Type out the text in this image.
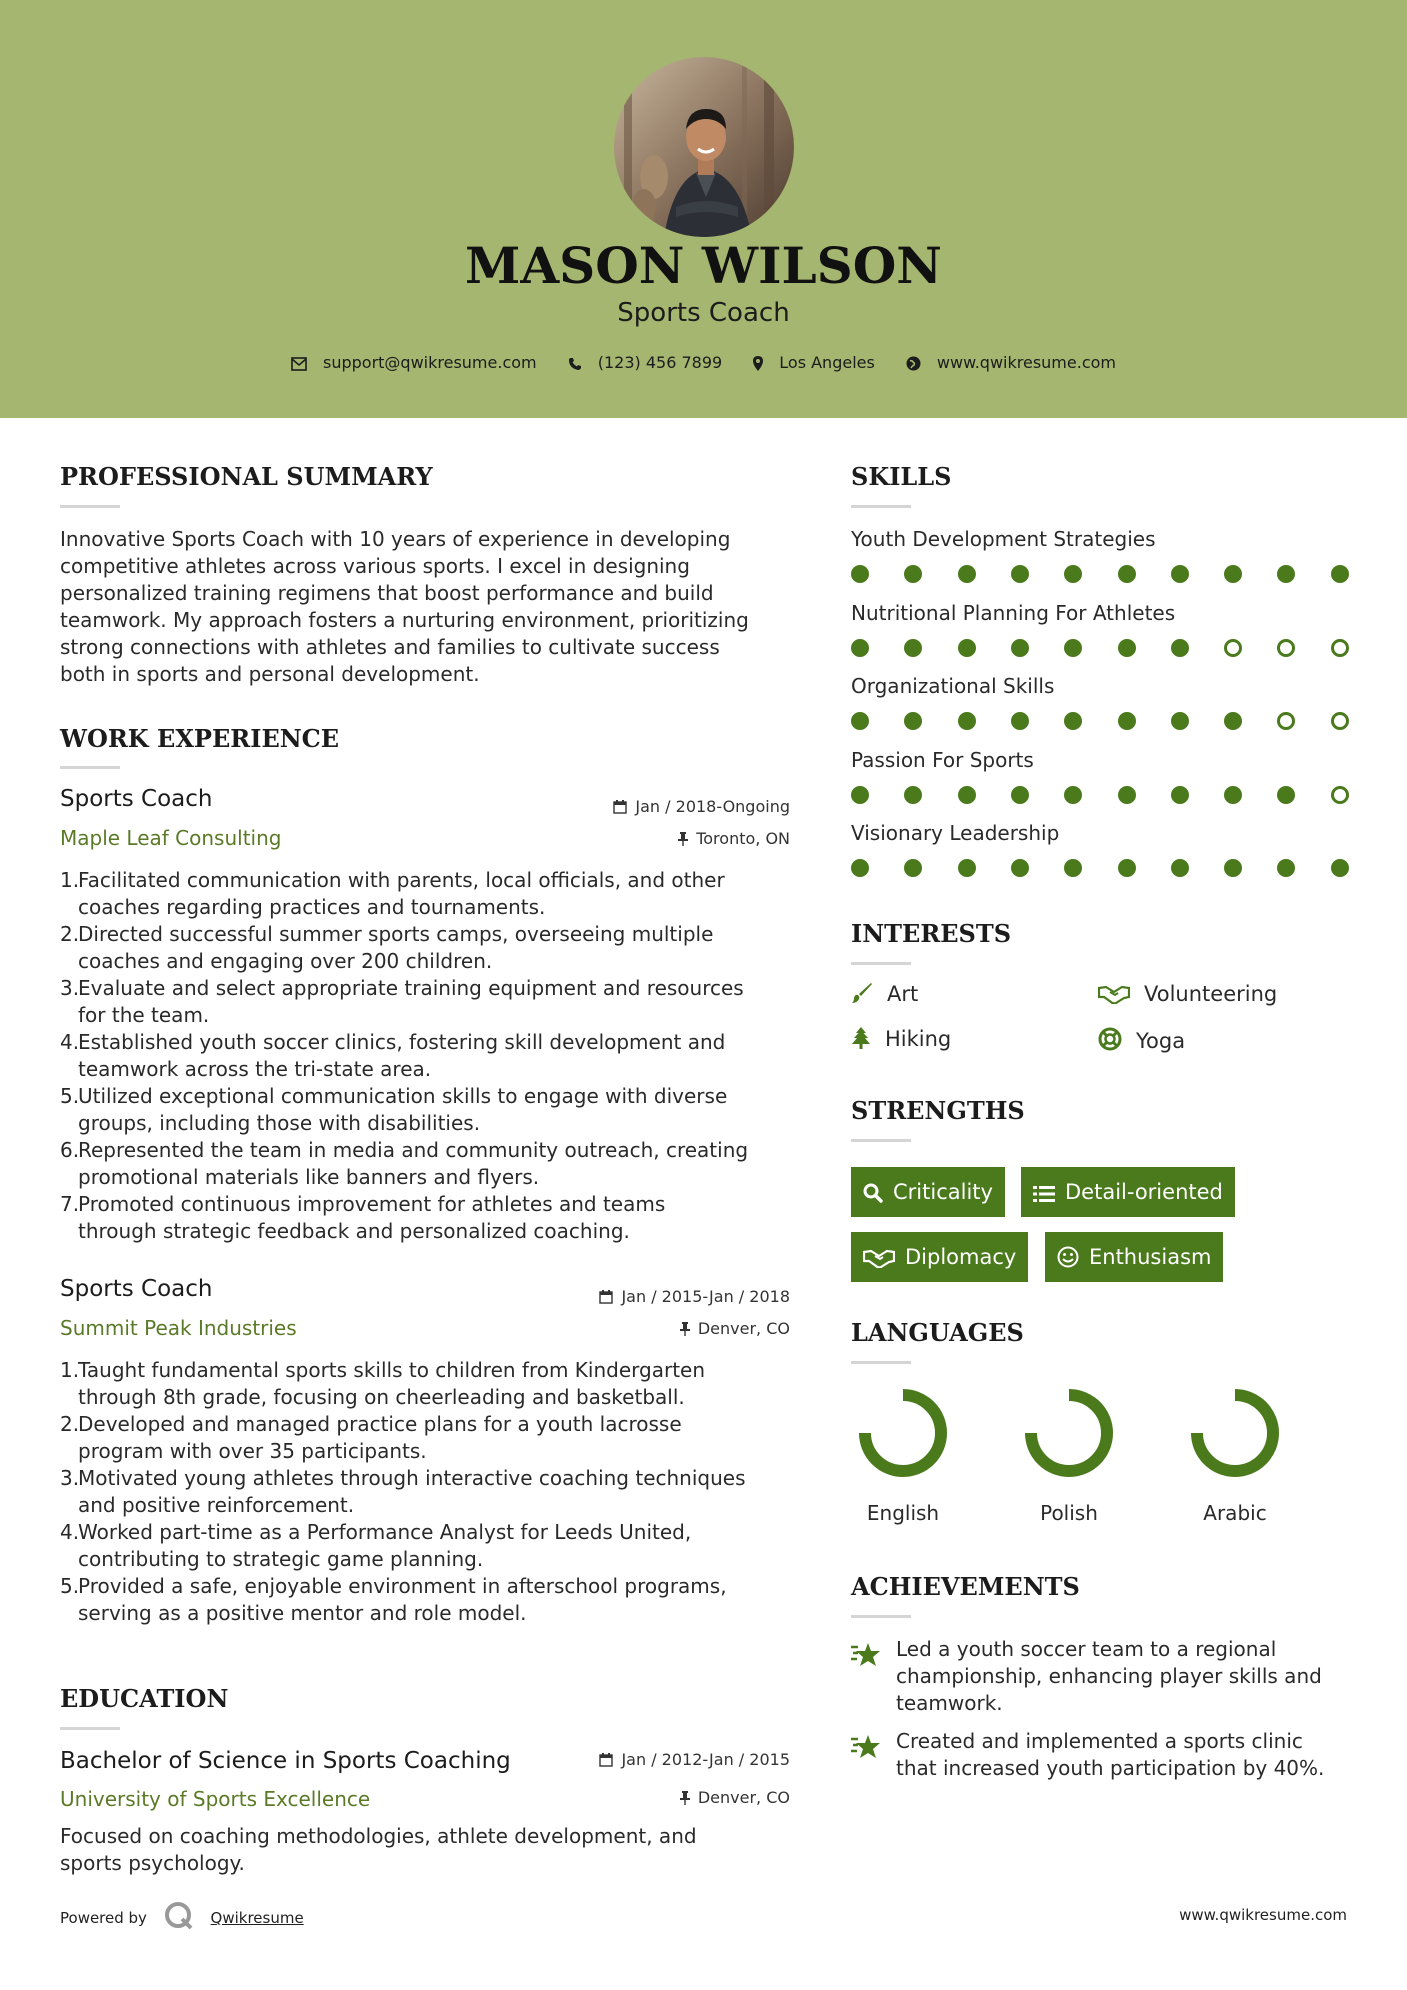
MASON WILSON
Sports Coach
support@qwikresume.com	(123) 456 7899	Los Angeles	www.qwikresume.com
PROFESSIONAL SUMMARY
Innovative Sports Coach with 10 years of experience in developing
competitive athletes across various sports. I excel in designing
personalized training regimens that boost performance and build
teamwork. My approach fosters a nurturing environment, prioritizing
strong connections with athletes and families to cultivate success
both in sports and personal development.
WORK EXPERIENCE
Sports Coach	Jan / 2018-Ongoing
Maple Leaf Consulting	Toronto, ON
Facilitated communication with parents, local officials, and other
coaches regarding practices and tournaments.
Directed successful summer sports camps, overseeing multiple
coaches and engaging over 200 children.
Evaluate and select appropriate training equipment and resources
for the team.
Established youth soccer clinics, fostering skill development and
teamwork across the tri-state area.
Utilized exceptional communication skills to engage with diverse
groups, including those with disabilities.
Represented the team in media and community outreach, creating
promotional materials like banners and flyers.
Promoted continuous improvement for athletes and teams
through strategic feedback and personalized coaching.
Sports Coach	Jan / 2015-Jan / 2018
Summit Peak Industries	Denver, CO
Taught fundamental sports skills to children from Kindergarten
through 8th grade, focusing on cheerleading and basketball.
Developed and managed practice plans for a youth lacrosse
program with over 35 participants.
Motivated young athletes through interactive coaching techniques
and positive reinforcement.
Worked part-time as a Performance Analyst for Leeds United,
contributing to strategic game planning.
Provided a safe, enjoyable environment in afterschool programs,
serving as a positive mentor and role model.
EDUCATION
Bachelor of Science in Sports Coaching	Jan / 2012-Jan / 2015
University of Sports Excellence	Denver, CO
Focused on coaching methodologies, athlete development, and
sports psychology.
SKILLS
Youth Development Strategies
Nutritional Planning For Athletes
Organizational Skills
Passion For Sports
Visionary Leadership
INTERESTS
Art	Volunteering
Hiking	Yoga
STRENGTHS
Criticality	Detail-oriented
Diplomacy	Enthusiasm
LANGUAGES
English	Polish	Arabic
ACHIEVEMENTS
Led a youth soccer team to a regional
championship, enhancing player skills and
teamwork.
Created and implemented a sports clinic
that increased youth participation by 40%.
Powered by	Qwikresume	www.qwikresume.com
